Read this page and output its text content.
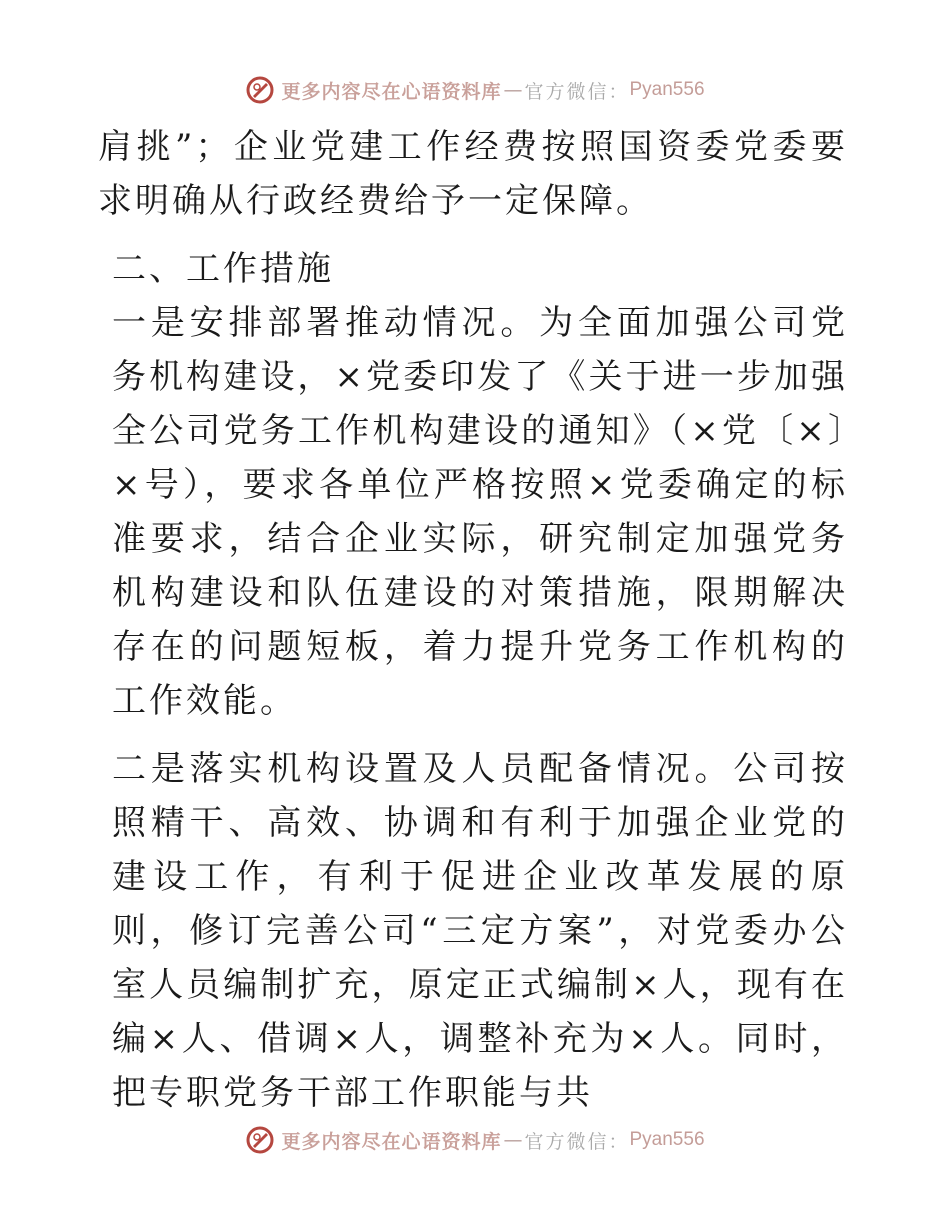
更多内容尽在心语资料库 — 官方微信： Pyan556

肩挑”；企业党建工作经费按照国资委党委要求明确从行政经费给予一定保障。

二、工作措施

一是安排部署推动情况。为全面加强公司党务机构建设，×党委印发了《关于进一步加强全公司党务工作机构建设的通知》（×党〔×〕×号），要求各单位严格按照×党委确定的标准要求，结合企业实际，研究制定加强党务机构建设和队伍建设的对策措施，限期解决存在的问题短板，着力提升党务工作机构的工作效能。

二是落实机构设置及人员配备情况。公司按照精干、高效、协调和有利于加强企业党的建设工作，有利于促进企业改革发展的原则，修订完善公司“三定方案”，对党委办公室人员编制扩充，原定正式编制×人，现有在编×人、借调×人，调整补充为×人。同时，把专职党务干部工作职能与共

更多内容尽在心语资料库 — 官方微信： Pyan556
